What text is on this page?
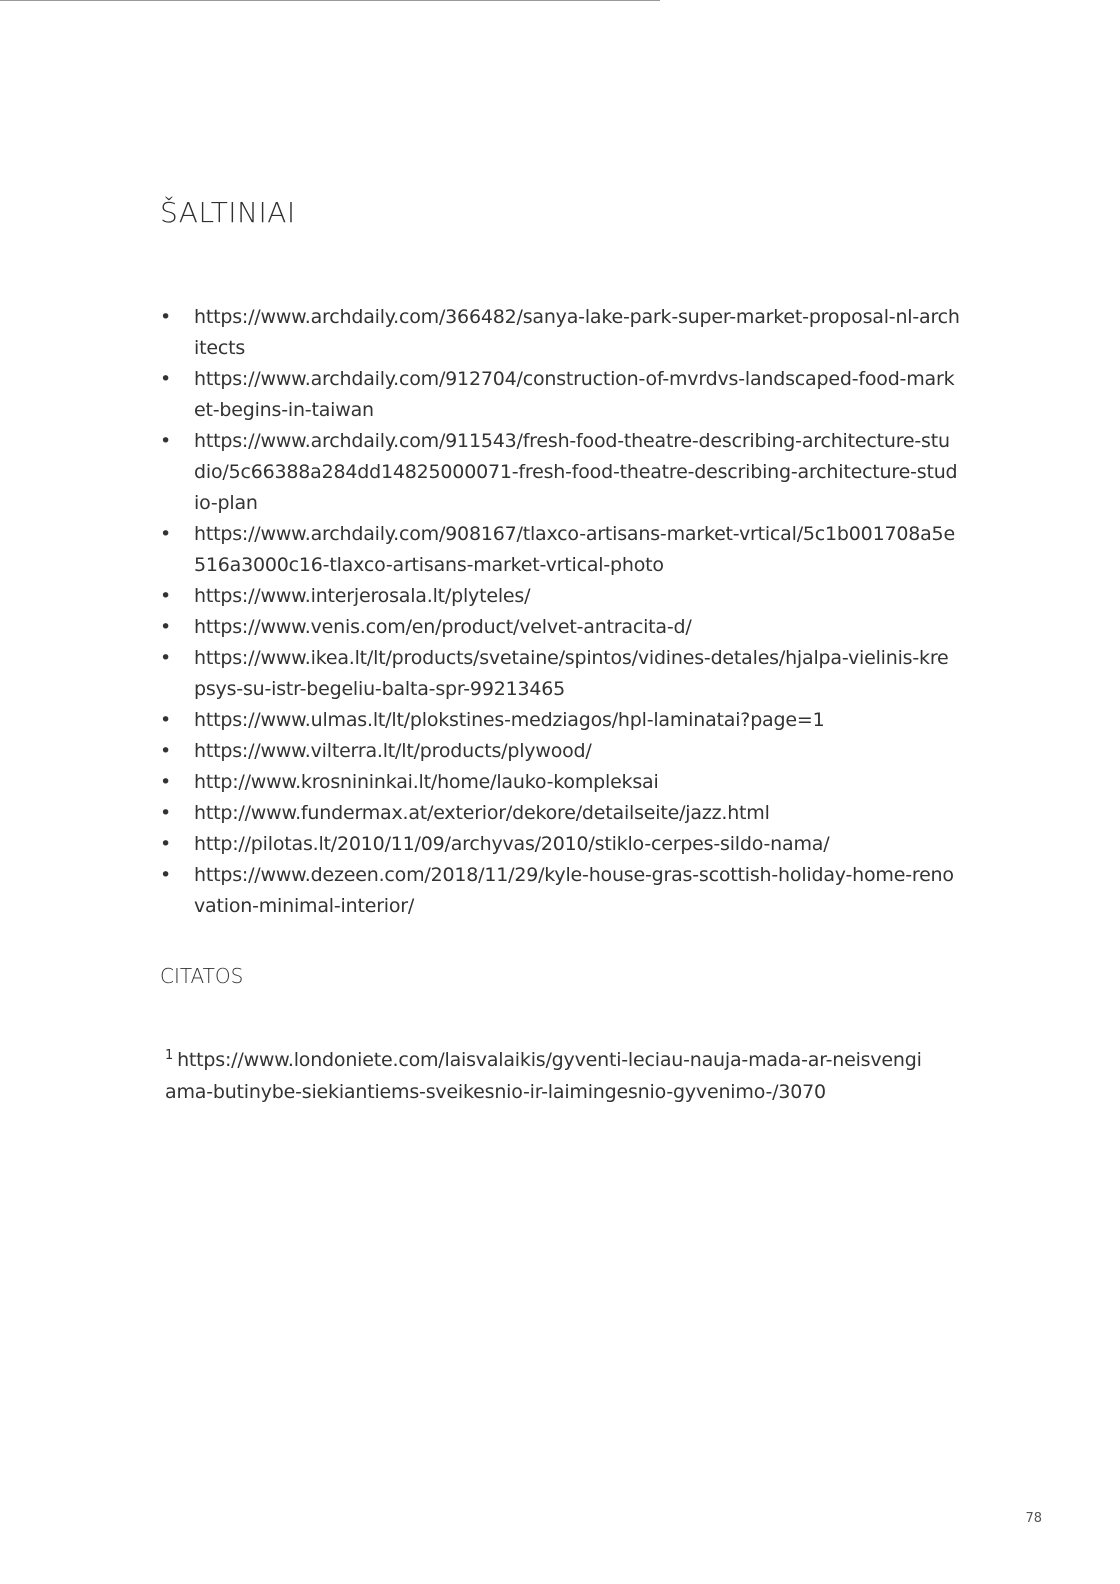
ŠALTINIAI
• https://www.archdaily.com/366482/sanya-lake-park-super-market-proposal-nl-architects
• https://www.archdaily.com/912704/construction-of-mvrdvs-landscaped-food-market-begins-in-taiwan
• https://www.archdaily.com/911543/fresh-food-theatre-describing-architecture-studio/5c66388a284dd14825000071-fresh-food-theatre-describing-architecture-studio-plan
• https://www.archdaily.com/908167/tlaxco-artisans-market-vrtical/5c1b001708a5e516a3000c16-tlaxco-artisans-market-vrtical-photo
• https://www.interjerosala.lt/plyteles/
• https://www.venis.com/en/product/velvet-antracita-d/
• https://www.ikea.lt/lt/products/svetaine/spintos/vidines-detales/hjalpa-vielinis-krepsys-su-istr-begeliu-balta-spr-99213465
• https://www.ulmas.lt/lt/plokstines-medziagos/hpl-laminatai?page=1
• https://www.vilterra.lt/lt/products/plywood/
• http://www.krosnininkai.lt/home/lauko-kompleksai
• http://www.fundermax.at/exterior/dekore/detailseite/jazz.html
• http://pilotas.lt/2010/11/09/archyvas/2010/stiklo-cerpes-sildo-nama/
• https://www.dezeen.com/2018/11/29/kyle-house-gras-scottish-holiday-home-renovation-minimal-interior/
CITATOS

$^1$ https://www.londoniete.com/laisvalaikis/gyventi-leciau-nauja-mada-ar-neisvengiama-butinybe-siekiantiems-sveikesnio-ir-laimingesnio-gyvenimo-/3070

78
